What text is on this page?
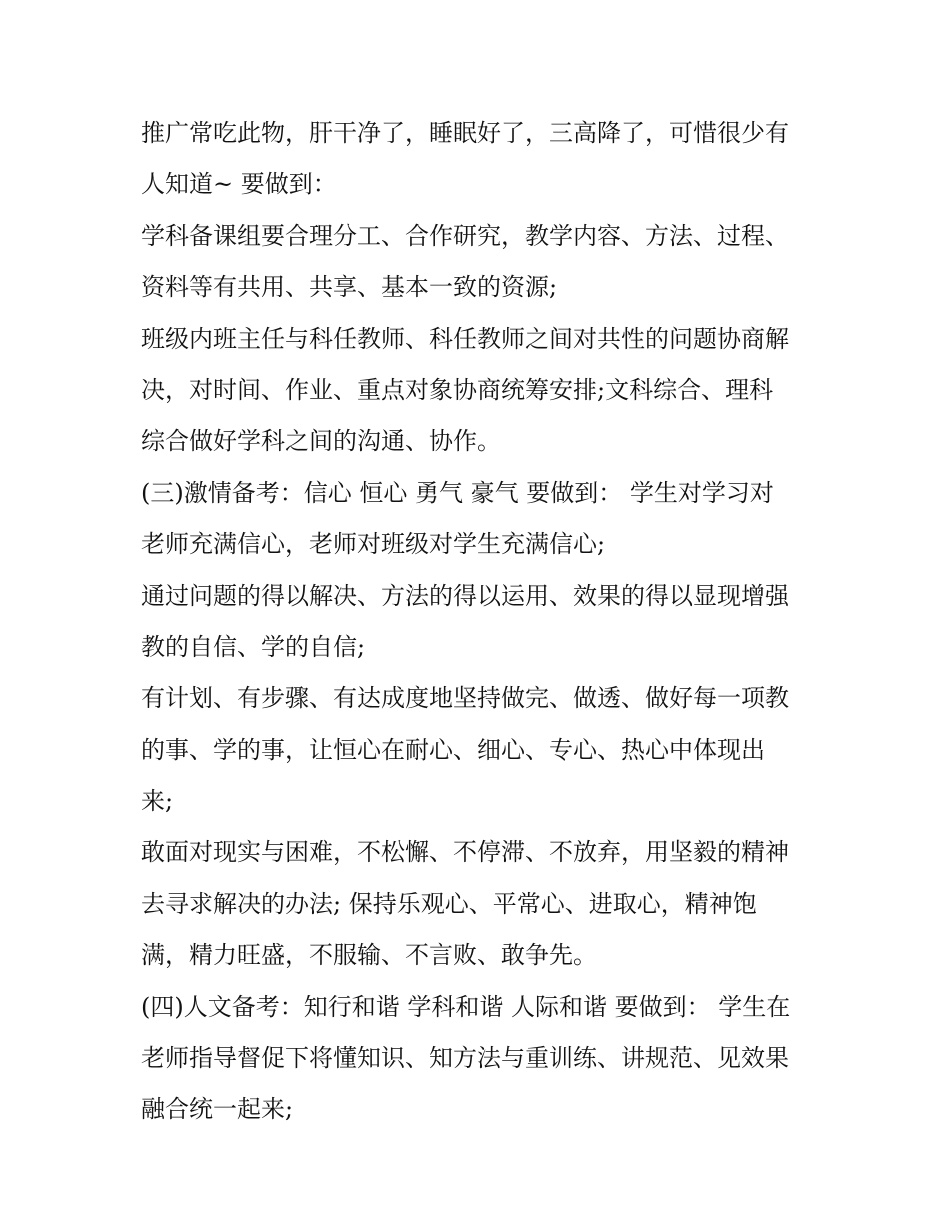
推广常吃此物，肝干净了，睡眠好了，三高降了，可惜很少有
人知道~ 要做到：
学科备课组要合理分工、合作研究，教学内容、方法、过程、
资料等有共用、共享、基本一致的资源;
班级内班主任与科任教师、科任教师之间对共性的问题协商解
决，对时间、作业、重点对象协商统筹安排;文科综合、理科
综合做好学科之间的沟通、协作。
(三)激情备考：信心 恒心 勇气 豪气 要做到： 学生对学习对
老师充满信心，老师对班级对学生充满信心;
通过问题的得以解决、方法的得以运用、效果的得以显现增强
教的自信、学的自信;
有计划、有步骤、有达成度地坚持做完、做透、做好每一项教
的事、学的事，让恒心在耐心、细心、专心、热心中体现出
来;
敢面对现实与困难，不松懈、不停滞、不放弃，用坚毅的精神
去寻求解决的办法; 保持乐观心、平常心、进取心，精神饱
满，精力旺盛，不服输、不言败、敢争先。
(四)人文备考：知行和谐 学科和谐 人际和谐 要做到： 学生在
老师指导督促下将懂知识、知方法与重训练、讲规范、见效果
融合统一起来;
